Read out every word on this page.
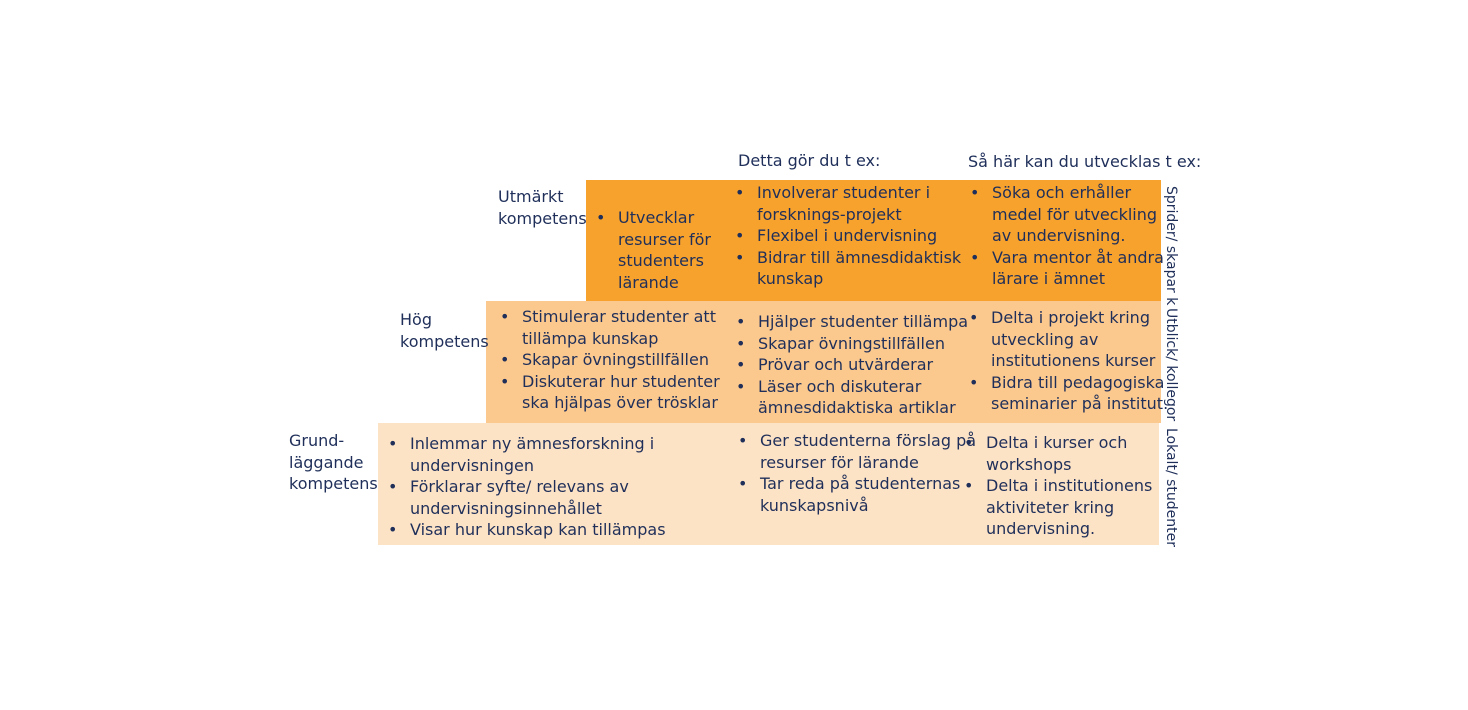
Detta gör du t ex:	Så här kan du utvecklas t ex:
Utmärkt
kompetens
Hög
kompetens
Grund-
läggande
kompetens
• Utvecklar resurser för studenters lärande
• Involverar studenter i forsknings-projekt
• Flexibel i undervisning
• Bidrar till ämnesdidaktisk kunskap
• Söka och erhåller medel för utveckling av undervisning.
• Vara mentor åt andra lärare i ämnet
• Stimulerar studenter att tillämpa kunskap
• Skapar övningstillfällen
• Diskuterar hur studenter ska hjälpas över trösklar
• Hjälper studenter tillämpa
• Skapar övningstillfällen
• Prövar och utvärderar
• Läser och diskuterar ämnesdidaktiska artiklar
• Delta i projekt kring utveckling av institutionens kurser
• Bidra till pedagogiska seminarier på institut.
• Inlemmar ny ämnesforskning i undervisningen
• Förklarar syfte/ relevans av undervisningsinnehållet
• Visar hur kunskap kan tillämpas
• Ger studenterna förslag på resurser för lärande
• Tar reda på studenternas kunskapsnivå
• Delta i kurser och workshops
• Delta i institutionens aktiviteter kring undervisning.
Sprider/ skapar k
Utblick/ kollegor
Lokalt/ studenter
